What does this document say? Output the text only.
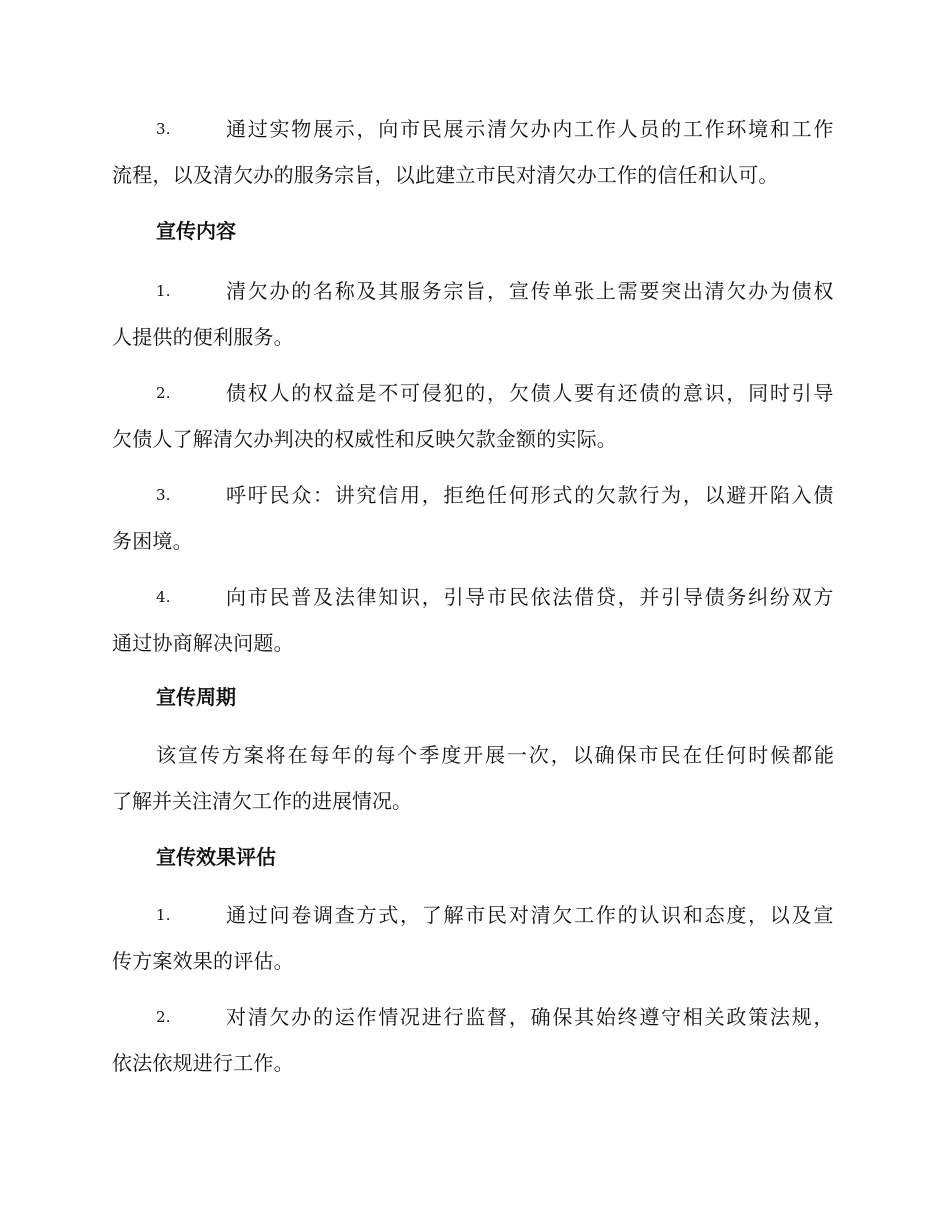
3.	通过实物展示，向市民展示清欠办内工作人员的工作环境和工作
流程，以及清欠办的服务宗旨，以此建立市民对清欠办工作的信任和认可。
宣传内容
1.	清欠办的名称及其服务宗旨，宣传单张上需要突出清欠办为债权
人提供的便利服务。
2.	债权人的权益是不可侵犯的，欠债人要有还债的意识，同时引导
欠债人了解清欠办判决的权威性和反映欠款金额的实际。
3.	呼吁民众：讲究信用，拒绝任何形式的欠款行为，以避开陷入债
务困境。
4.	向市民普及法律知识，引导市民依法借贷，并引导债务纠纷双方
通过协商解决问题。
宣传周期
该宣传方案将在每年的每个季度开展一次，以确保市民在任何时候都能
了解并关注清欠工作的进展情况。
宣传效果评估
1.	通过问卷调查方式，了解市民对清欠工作的认识和态度，以及宣
传方案效果的评估。
2.	对清欠办的运作情况进行监督，确保其始终遵守相关政策法规，
依法依规进行工作。
